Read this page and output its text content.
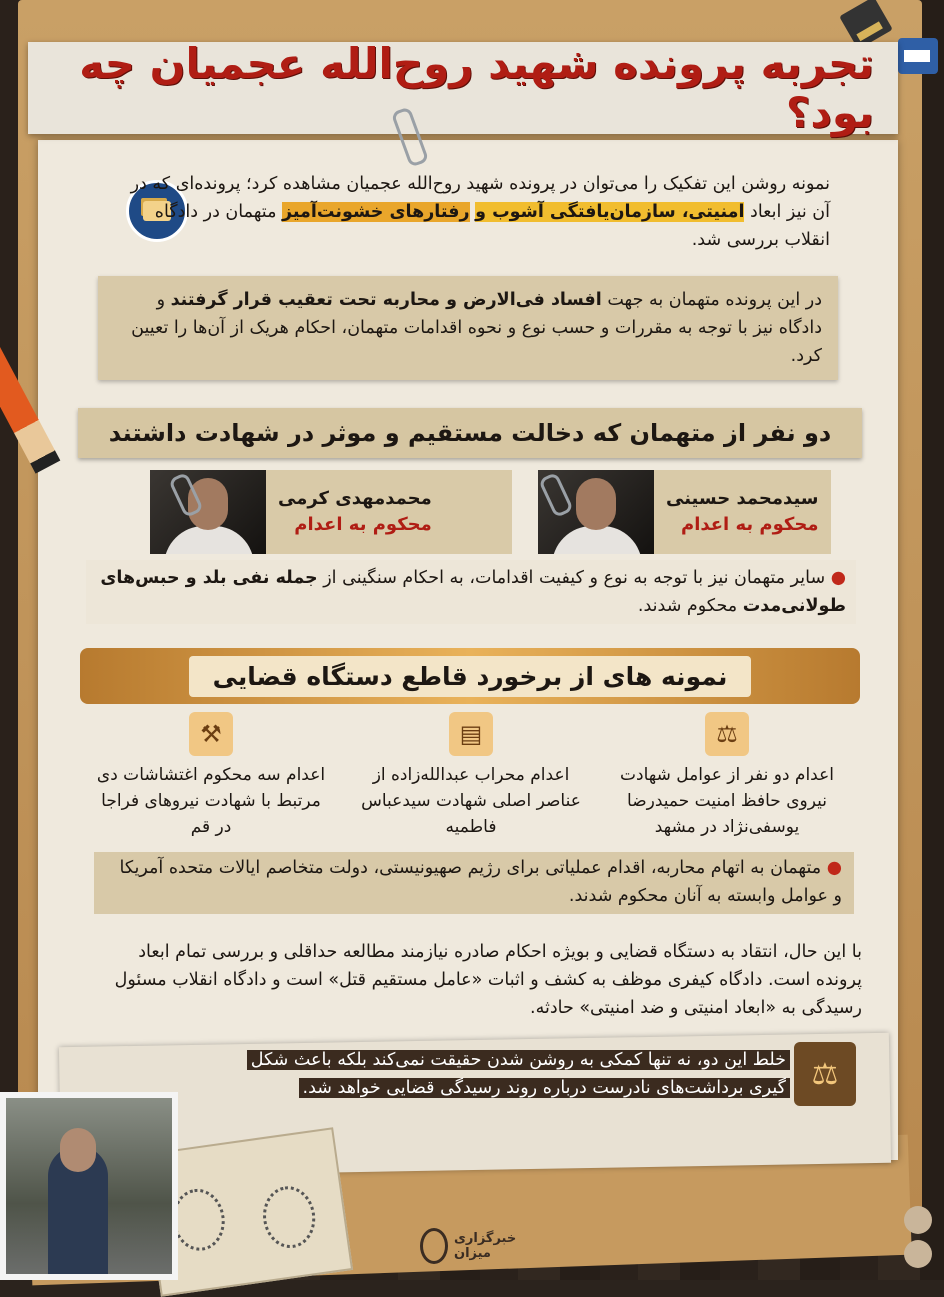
تجربه پرونده شهید روح‌الله عجمیان چه بود؟
نمونه روشن این تفکیک را می‌توان در پرونده شهید روح‌الله عجمیان مشاهده کرد؛ پرونده‌ای که در آن نیز ابعاد امنیتی، سازمان‌یافتگی آشوب و رفتارهای خشونت‌آمیز متهمان در دادگاه انقلاب بررسی شد.
در این پرونده متهمان به جهت افساد فی‌الارض و محاربه تحت تعقیب قرار گرفتند و دادگاه نیز با توجه به مقررات و حسب نوع و نحوه اقدامات متهمان، احکام هریک از آن‌ها را تعیین کرد.
دو نفر از متهمان که دخالت مستقیم و موثر در شهادت داشتند
سیدمحمد حسینی
محکوم به اعدام
محمدمهدی کرمی
محکوم به اعدام
● سایر متهمان نیز با توجه به نوع و کیفیت اقدامات، به احکام سنگینی از جمله نفی بلد و حبس‌های طولانی‌مدت محکوم شدند.
نمونه های از برخورد قاطع دستگاه قضایی
⚖
اعدام دو نفر از عوامل شهادت نیروی حافظ امنیت حمیدرضا یوسفی‌نژاد در مشهد
▤
اعدام محراب عبدالله‌زاده از عناصر اصلی شهادت سیدعباس فاطمیه
⚒
اعدام سه محکوم اغتشاشات دی مرتبط با شهادت نیروهای فراجا در قم
● متهمان به اتهام محاربه، اقدام عملیاتی برای رژیم صهیونیستی، دولت متخاصم ایالات متحده آمریکا و عوامل وابسته به آنان محکوم شدند.
با این حال، انتقاد به دستگاه قضایی و بویژه احکام صادره نیازمند مطالعه حداقلی و بررسی تمام ابعاد پرونده است. دادگاه کیفری موظف به کشف و اثبات «عامل مستقیم قتل» است و دادگاه انقلاب مسئول رسیدگی به «ابعاد امنیتی و ضد امنیتی» حادثه.
خلط این دو، نه تنها کمکی به روشن شدن حقیقت نمی‌کند بلکه باعث شکل
گیری برداشت‌های نادرست درباره روند رسیدگی قضایی خواهد شد. ⚖
خبرگزاری میزان
